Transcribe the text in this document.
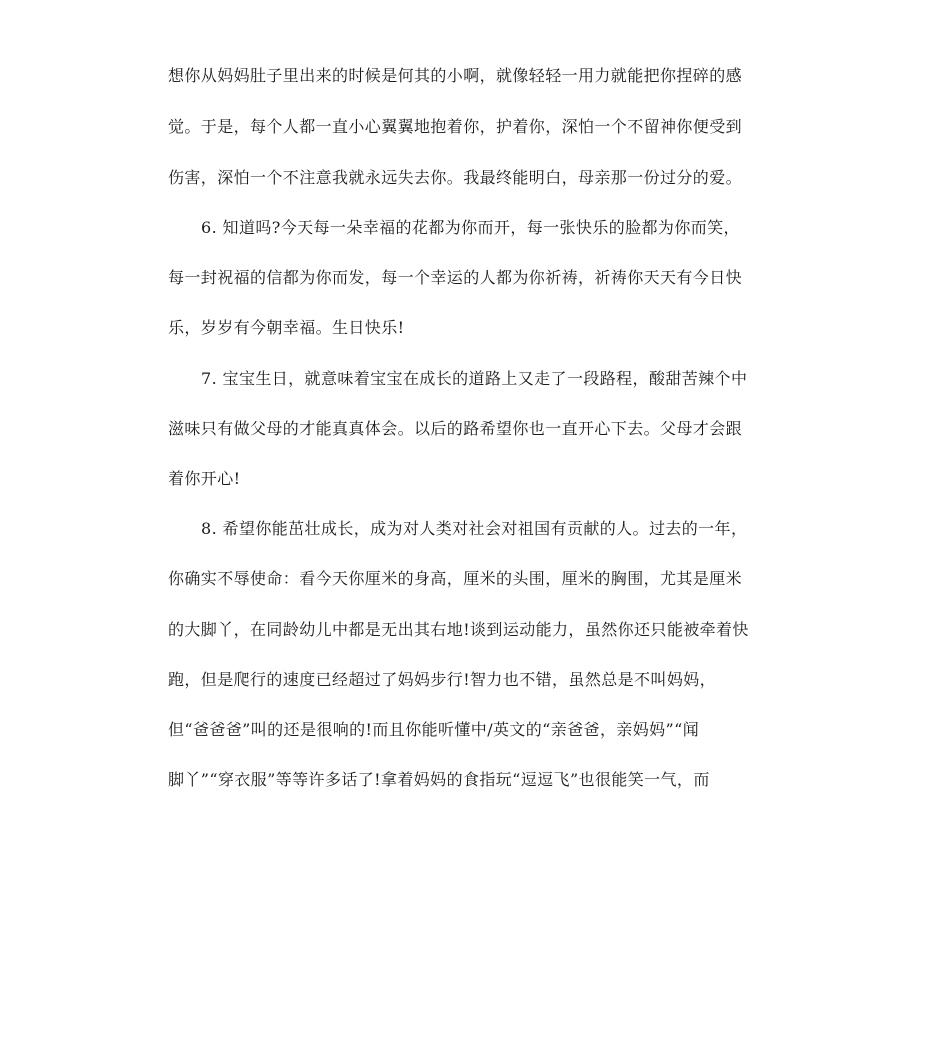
想你从妈妈肚子里出来的时候是何其的小啊，就像轻轻一用力就能把你捏碎的感

觉。于是，每个人都一直小心翼翼地抱着你，护着你，深怕一个不留神你便受到

伤害，深怕一个不注意我就永远失去你。我最终能明白，母亲那一份过分的爱。

6. 知道吗?今天每一朵幸福的花都为你而开，每一张快乐的脸都为你而笑，

每一封祝福的信都为你而发，每一个幸运的人都为你祈祷，祈祷你天天有今日快

乐，岁岁有今朝幸福。生日快乐!

7. 宝宝生日，就意味着宝宝在成长的道路上又走了一段路程，酸甜苦辣个中

滋味只有做父母的才能真真体会。以后的路希望你也一直开心下去。父母才会跟

着你开心!

8. 希望你能茁壮成长，成为对人类对社会对祖国有贡献的人。过去的一年，

你确实不辱使命：看今天你厘米的身高，厘米的头围，厘米的胸围，尤其是厘米

的大脚丫，在同龄幼儿中都是无出其右地!谈到运动能力，虽然你还只能被牵着快

跑，但是爬行的速度已经超过了妈妈步行!智力也不错，虽然总是不叫妈妈，

但“爸爸爸”叫的还是很响的!而且你能听懂中/英文的“亲爸爸，亲妈妈”“闻

脚丫”“穿衣服”等等许多话了!拿着妈妈的食指玩“逗逗飞”也很能笑一气，而
